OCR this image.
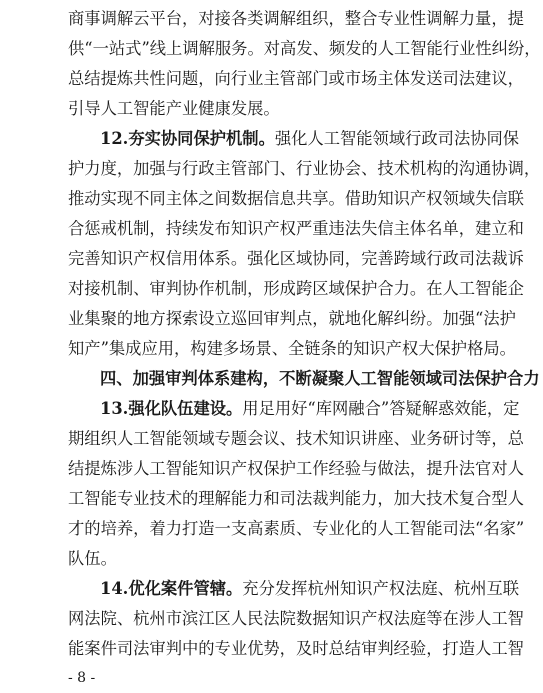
商事调解云平台，对接各类调解组织，整合专业性调解力量，提
供“一站式”线上调解服务。对高发、频发的人工智能行业性纠纷，
总结提炼共性问题，向行业主管部门或市场主体发送司法建议，
引导人工智能产业健康发展。
12.夯实协同保护机制。强化人工智能领域行政司法协同保
护力度，加强与行政主管部门、行业协会、技术机构的沟通协调，
推动实现不同主体之间数据信息共享。借助知识产权领域失信联
合惩戒机制，持续发布知识产权严重违法失信主体名单，建立和
完善知识产权信用体系。强化区域协同，完善跨域行政司法裁诉
对接机制、审判协作机制，形成跨区域保护合力。在人工智能企
业集聚的地方探索设立巡回审判点，就地化解纠纷。加强“法护
知产”集成应用，构建多场景、全链条的知识产权大保护格局。
四、加强审判体系建构，不断凝聚人工智能领域司法保护合力
13.强化队伍建设。用足用好“库网融合”答疑解惑效能，定
期组织人工智能领域专题会议、技术知识讲座、业务研讨等，总
结提炼涉人工智能知识产权保护工作经验与做法，提升法官对人
工智能专业技术的理解能力和司法裁判能力，加大技术复合型人
才的培养，着力打造一支高素质、专业化的人工智能司法“名家”
队伍。
14.优化案件管辖。充分发挥杭州知识产权法庭、杭州互联
网法院、杭州市滨江区人民法院数据知识产权法庭等在涉人工智
能案件司法审判中的专业优势，及时总结审判经验，打造人工智
- 8 -
